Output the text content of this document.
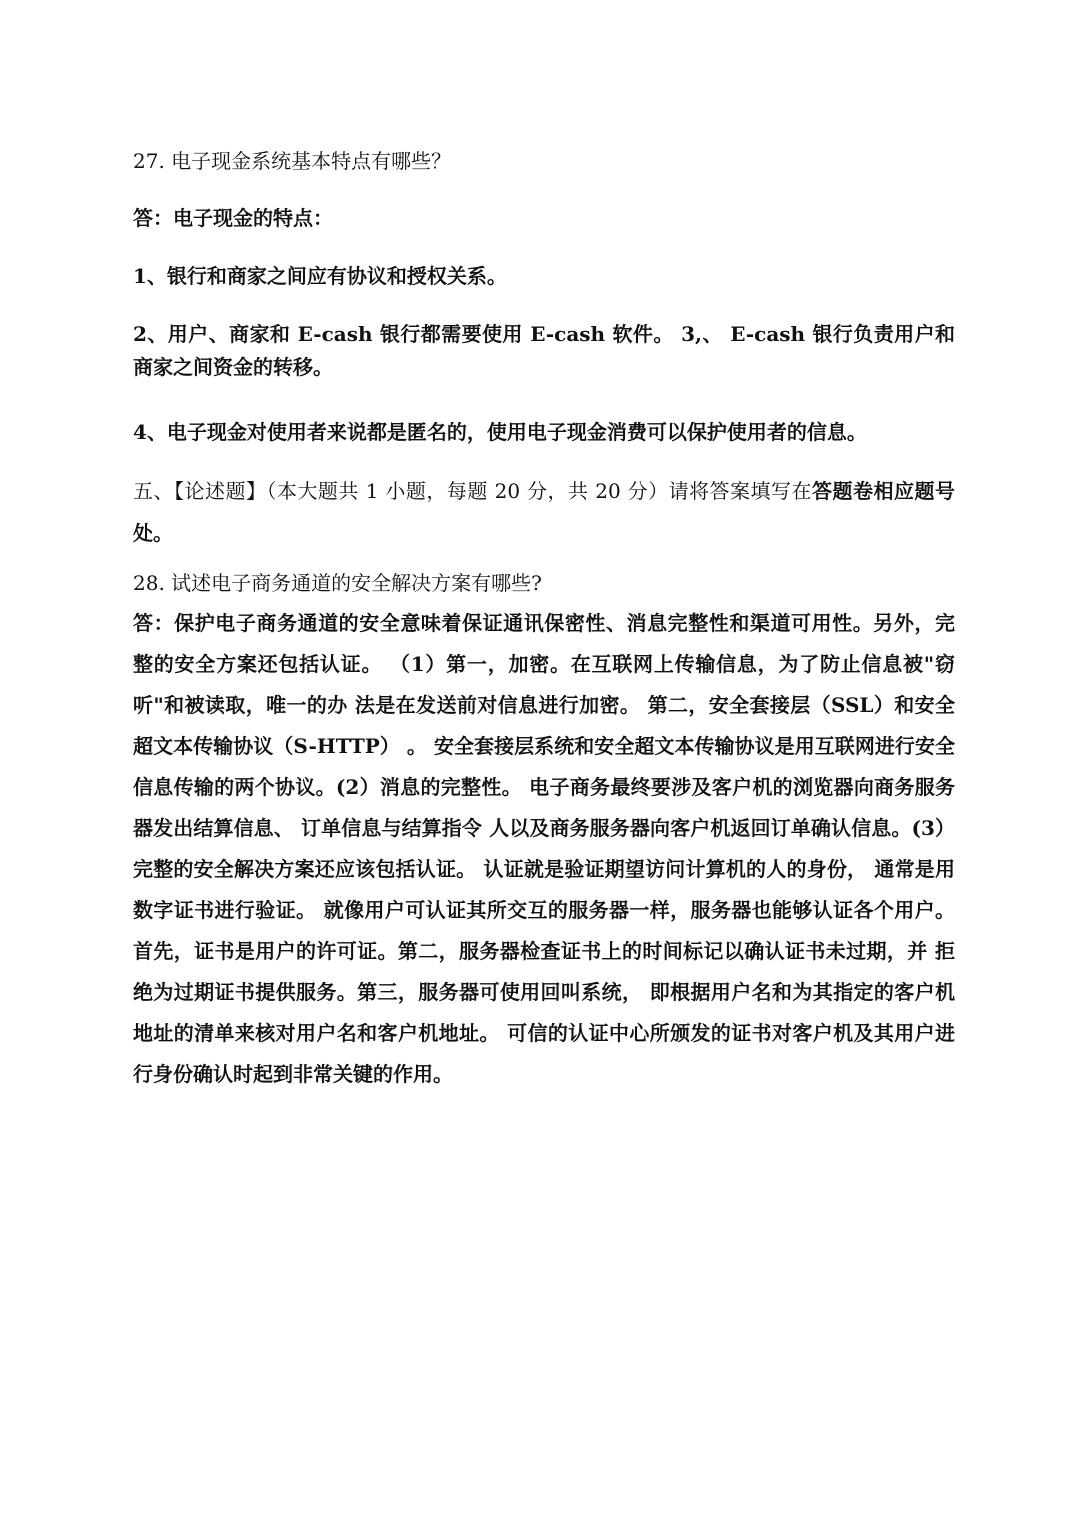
27. 电子现金系统基本特点有哪些？
答：电子现金的特点：
1、银行和商家之间应有协议和授权关系。
2、用户、商家和 E-cash 银行都需要使用 E-cash 软件。 3,、 E-cash 银行负责用户和商家之间资金的转移。
4、电子现金对使用者来说都是匿名的，使用电子现金消费可以保护使用者的信息。
五、【论述题】（本大题共 1 小题，每题 20 分，共 20 分）请将答案填写在答题卷相应题号处。
28. 试述电子商务通道的安全解决方案有哪些?
答：保护电子商务通道的安全意味着保证通讯保密性、消息完整性和渠道可用性。另外，完 整的安全方案还包括认证。 （1）第一，加密。在互联网上传输信息，为了防止信息被"窃听"和被读取，唯一的办 法是在发送前对信息进行加密。 第二，安全套接层（SSL）和安全超文本传输协议（S-HTTP） 。 安全套接层系统和安全超文本传输协议是用互联网进行安全信息传输的两个协议。(2）消息的完整性。 电子商务最终要涉及客户机的浏览器向商务服务器发出结算信息、 订单信息与结算指令 人以及商务服务器向客户机返回订单确认信息。(3） 完整的安全解决方案还应该包括认证。 认证就是验证期望访问计算机的人的身份， 通常是用数字证书进行验证。 就像用户可认证其所交互的服务器一样，服务器也能够认证各个用户。首先，证书是用户的许可证。第二，服务器检查证书上的时间标记以确认证书未过期，并 拒绝为过期证书提供服务。第三，服务器可使用回叫系统， 即根据用户名和为其指定的客户机地址的清单来核对用户名和客户机地址。 可信的认证中心所颁发的证书对客户机及其用户进行身份确认时起到非常关键的作用。
